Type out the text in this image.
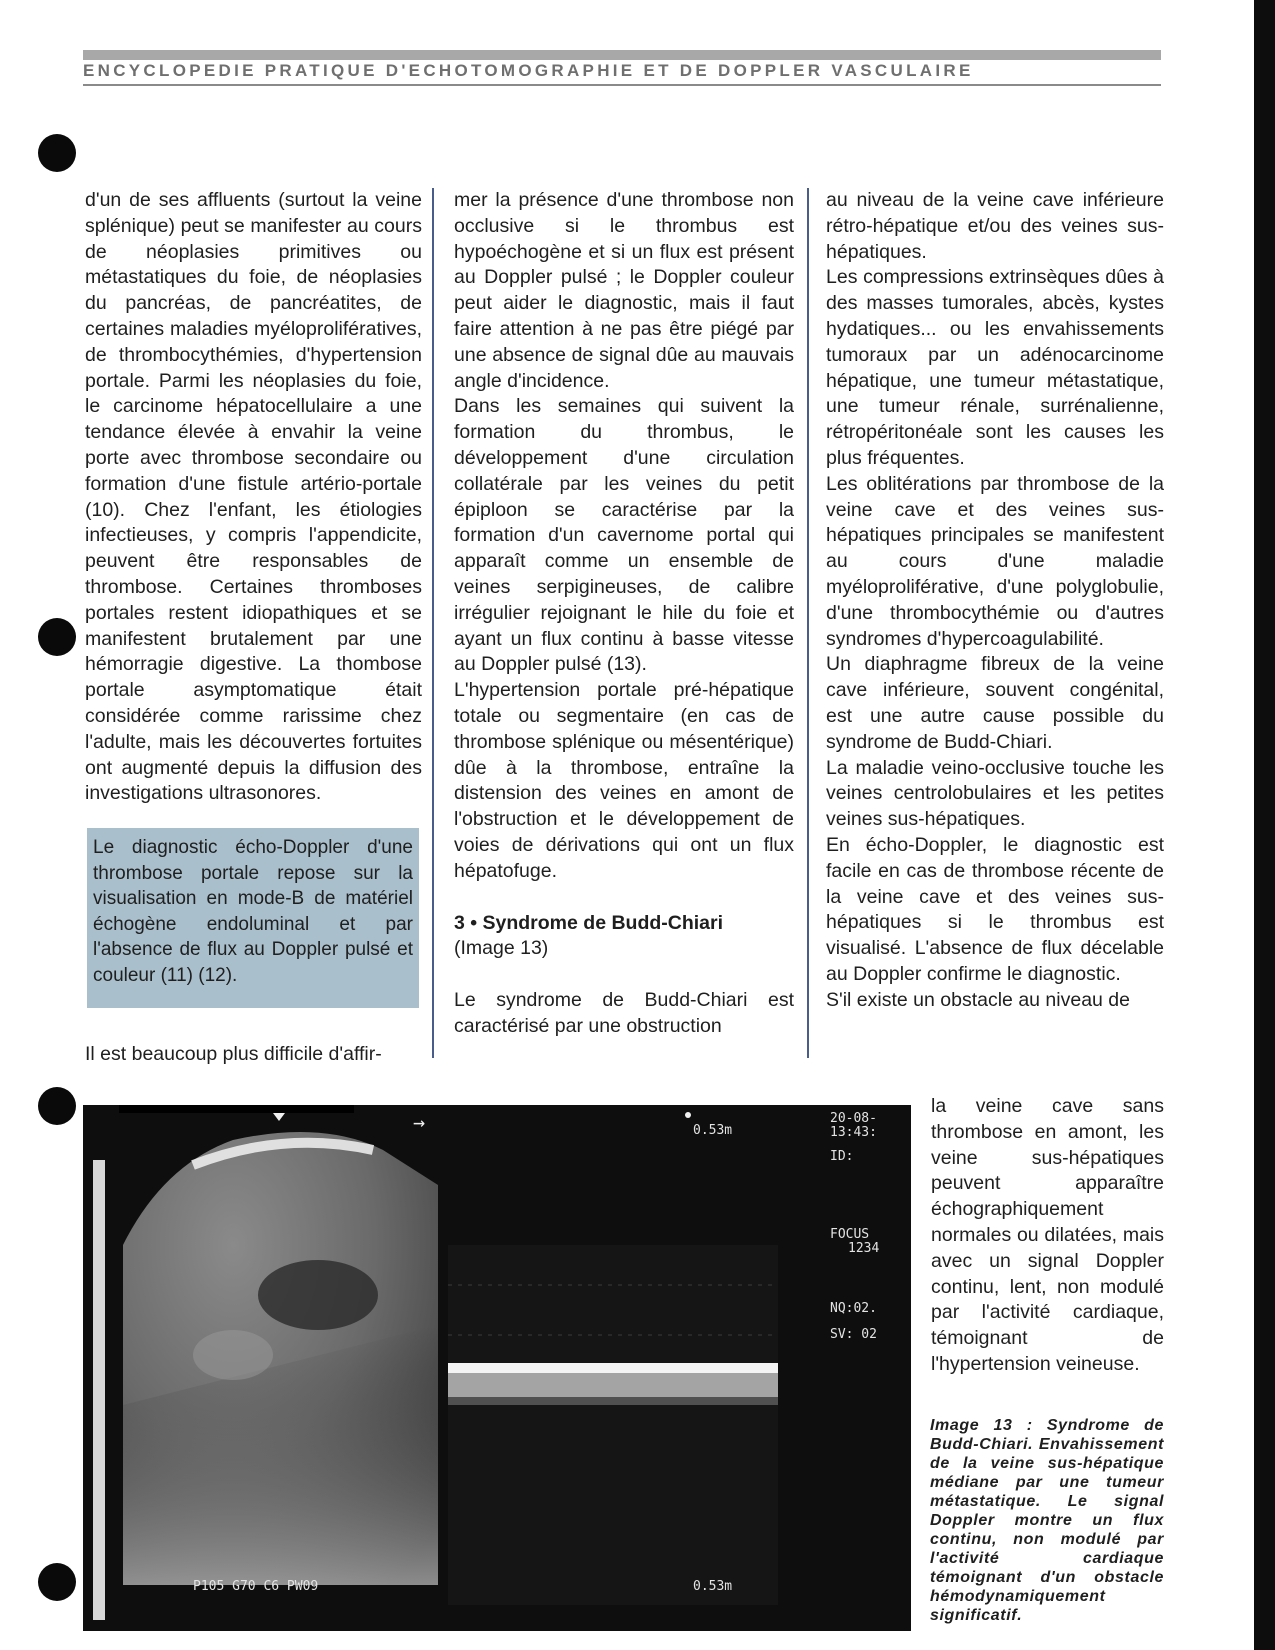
ENCYCLOPEDIE PRATIQUE D'ECHOTOMOGRAPHIE ET DE DOPPLER VASCULAIRE

d'un de ses affluents (surtout la veine splénique) peut se manifester au cours de néoplasies primitives ou métastatiques du foie, de néoplasies du pancréas, de pancréatites, de certaines maladies myéloprolifératives, de thrombocythémies, d'hypertension portale. Parmi les néoplasies du foie, le carcinome hépatocellulaire a une tendance élevée à envahir la veine porte avec thrombose secondaire ou formation d'une fistule artério-portale (10). Chez l'enfant, les étiologies infectieuses, y compris l'appendicite, peuvent être responsables de thrombose. Certaines thromboses portales restent idiopathiques et se manifestent brutalement par une hémorragie digestive. La thombose portale asymptomatique était considérée comme rarissime chez l'adulte, mais les découvertes fortuites ont augmenté depuis la diffusion des investigations ultrasonores.

Le diagnostic écho-Doppler d'une thrombose portale repose sur la visualisation en mode-B de matériel échogène endoluminal et par l'absence de flux au Doppler pulsé et couleur (11) (12).

Il est beaucoup plus difficile d'affir-

mer la présence d'une thrombose non occlusive si le thrombus est hypoéchogène et si un flux est présent au Doppler pulsé ; le Doppler couleur peut aider le diagnostic, mais il faut faire attention à ne pas être piégé par une absence de signal dûe au mauvais angle d'incidence.

Dans les semaines qui suivent la formation du thrombus, le développement d'une circulation collatérale par les veines du petit épiploon se caractérise par la formation d'un cavernome portal qui apparaît comme un ensemble de veines serpigineuses, de calibre irrégulier rejoignant le hile du foie et ayant un flux continu à basse vitesse au Doppler pulsé (13).

L'hypertension portale pré-hépatique totale ou segmentaire (en cas de thrombose splénique ou mésentérique) dûe à la thrombose, entraîne la distension des veines en amont de l'obstruction et le développement de voies de dérivations qui ont un flux hépatofuge.

3 • Syndrome de Budd-Chiari

(Image 13)

Le syndrome de Budd-Chiari est caractérisé par une obstruction

au niveau de la veine cave inférieure rétro-hépatique et/ou des veines sus-hépatiques.

Les compressions extrinsèques dûes à des masses tumorales, abcès, kystes hydatiques... ou les envahissements tumoraux par un adénocarcinome hépatique, une tumeur métastatique, une tumeur rénale, surrénalienne, rétropéritonéale sont les causes les plus fréquentes.

Les oblitérations par thrombose de la veine cave et des veines sus-hépatiques principales se manifestent au cours d'une maladie myéloproliférative, d'une polyglobulie, d'une thrombocythémie ou d'autres syndromes d'hypercoagulabilité.

Un diaphragme fibreux de la veine cave inférieure, souvent congénital, est une autre cause possible du syndrome de Budd-Chiari.

La maladie veino-occlusive touche les veines centrolobulaires et les petites veines sus-hépatiques.

En écho-Doppler, le diagnostic est facile en cas de thrombose récente de la veine cave et des veines sus-hépatiques si le thrombus est visualisé. L'absence de flux décelable au Doppler confirme le diagnostic.

S'il existe un obstacle au niveau de

la veine cave sans thrombose en amont, les veine sus-hépatiques peuvent apparaître échographiquement normales ou dilatées, mais avec un signal Doppler continu, lent, non modulé par l'activité cardiaque, témoignant de l'hypertension veineuse.

→	0.53m
20-08-
13:43:
ID:
FOCUS
1234
NQ:02.
SV: 02
P105 G70 C6 PW09	0.53m

Image 13 : Syndrome de Budd-Chiari. Envahissement de la veine sus-hépatique médiane par une tumeur métastatique. Le signal Doppler montre un flux continu, non modulé par l'activité cardiaque témoignant d'un obstacle hémodynamiquement significatif.
